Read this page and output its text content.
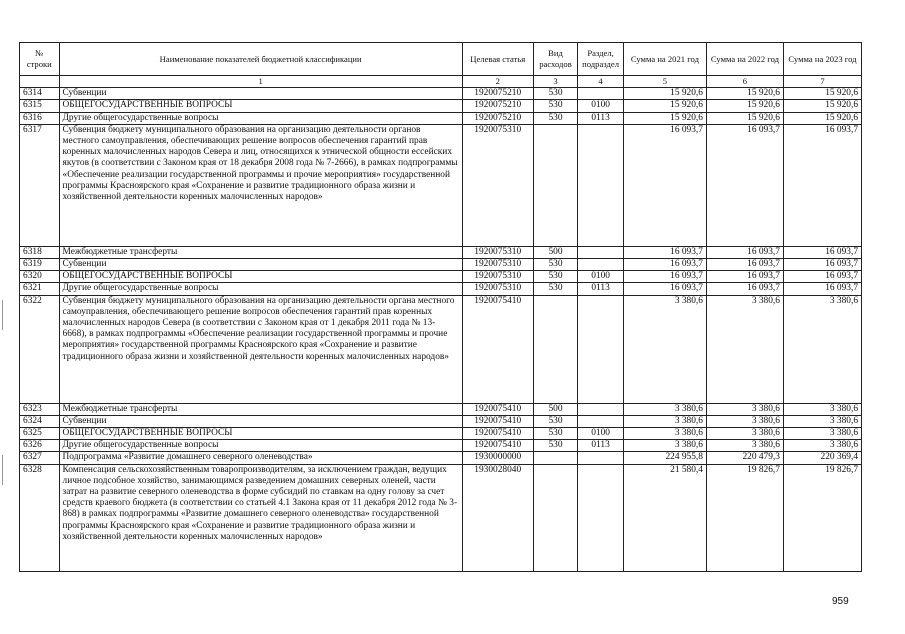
№ строки	Наименование показателей бюджетной классификации	Целевая статья	Вид расходов	Раздел, подраздел	Сумма на 2021 год	Сумма на 2022 год	Сумма на 2023 год
	1	2	3	4	5	6	7
6314	Субвенции	1920075210	530		15 920,6	15 920,6	15 920,6
6315	ОБЩЕГОСУДАРСТВЕННЫЕ ВОПРОСЫ	1920075210	530	0100	15 920,6	15 920,6	15 920,6
6316	Другие общегосударственные вопросы	1920075210	530	0113	15 920,6	15 920,6	15 920,6
6317	Субвенция бюджету муниципального образования на организацию деятельности органов местного самоуправления, обеспечивающих решение вопросов обеспечения гарантий прав коренных малочисленных народов Севера и лиц, относящихся к этнической общности ессейских якутов (в соответствии с Законом края от 18 декабря 2008 года № 7-2666), в рамках подпрограммы «Обеспечение реализации государственной программы и прочие мероприятия» государственной программы Красноярского края «Сохранение и развитие традиционного образа жизни и хозяйственной деятельности коренных малочисленных народов»	1920075310			16 093,7	16 093,7	16 093,7
6318	Межбюджетные трансферты	1920075310	500		16 093,7	16 093,7	16 093,7
6319	Субвенции	1920075310	530		16 093,7	16 093,7	16 093,7
6320	ОБЩЕГОСУДАРСТВЕННЫЕ ВОПРОСЫ	1920075310	530	0100	16 093,7	16 093,7	16 093,7
6321	Другие общегосударственные вопросы	1920075310	530	0113	16 093,7	16 093,7	16 093,7
6322	Субвенция бюджету муниципального образования на организацию деятельности органа местного самоуправления, обеспечивающего решение вопросов обеспечения гарантий прав коренных малочисленных народов Севера (в соответствии с Законом края от 1 декабря 2011 года № 13-6668), в рамках подпрограммы «Обеспечение реализации государственной программы и прочие мероприятия» государственной программы Красноярского края «Сохранение и развитие традиционного образа жизни и хозяйственной деятельности коренных малочисленных народов»	1920075410			3 380,6	3 380,6	3 380,6
6323	Межбюджетные трансферты	1920075410	500		3 380,6	3 380,6	3 380,6
6324	Субвенции	1920075410	530		3 380,6	3 380,6	3 380,6
6325	ОБЩЕГОСУДАРСТВЕННЫЕ ВОПРОСЫ	1920075410	530	0100	3 380,6	3 380,6	3 380,6
6326	Другие общегосударственные вопросы	1920075410	530	0113	3 380,6	3 380,6	3 380,6
6327	Подпрограмма «Развитие домашнего северного оленеводства»	1930000000			224 955,8	220 479,3	220 369,4
6328	Компенсация сельскохозяйственным товаропроизводителям, за исключением граждан, ведущих личное подсобное хозяйство, занимающимся разведением домашних северных оленей, части затрат на развитие северного оленеводства в форме субсидий по ставкам на одну голову за счет средств краевого бюджета (в соответствии со статьей 4.1 Закона края от 11 декабря 2012 года № 3-868) в рамках подпрограммы «Развитие домашнего северного оленеводства» государственной программы Красноярского края «Сохранение и развитие традиционного образа жизни и хозяйственной деятельности коренных малочисленных народов»	1930028040			21 580,4	19 826,7	19 826,7
959
